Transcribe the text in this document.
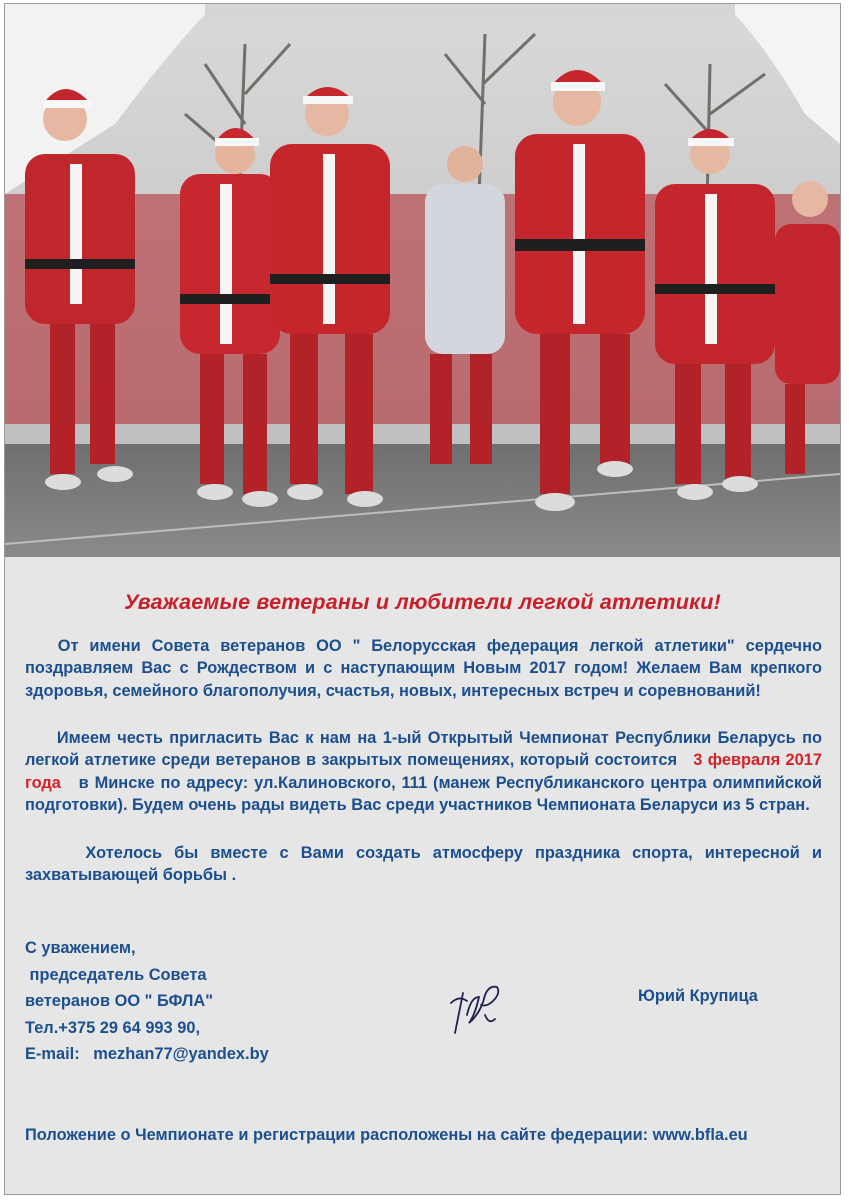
Уважаемые ветераны и любители легкой атлетики!

От имени Совета ветеранов ОО " Белорусская федерация легкой атлетики" сердечно поздравляем Вас с Рождеством и с наступающим Новым 2017 годом! Желаем Вам крепкого здоровья, семейного благополучия, счастья, новых, интересных встреч и соревнований!

Имеем честь пригласить Вас к нам на 1-ый Открытый Чемпионат Республики Беларусь по легкой атлетике среди ветеранов в закрытых помещениях, который состоится 3 февраля 2017 года в Минске по адресу: ул.Калиновского, 111 (манеж Республиканского центра олимпийской подготовки). Будем очень рады видеть Вас среди участников Чемпионата Беларуси из 5 стран.

Хотелось бы вместе с Вами создать атмосферу праздника спорта, интересной и захватывающей борьбы .

С уважением,
председатель Совета
ветеранов ОО " БФЛА"
Тел.+375 29 64 993 90,
E-mail:   mezhan77@yandex.by
Юрий Крупица

Положение о Чемпионате и регистрации расположены на сайте федерации: www.bfla.eu
